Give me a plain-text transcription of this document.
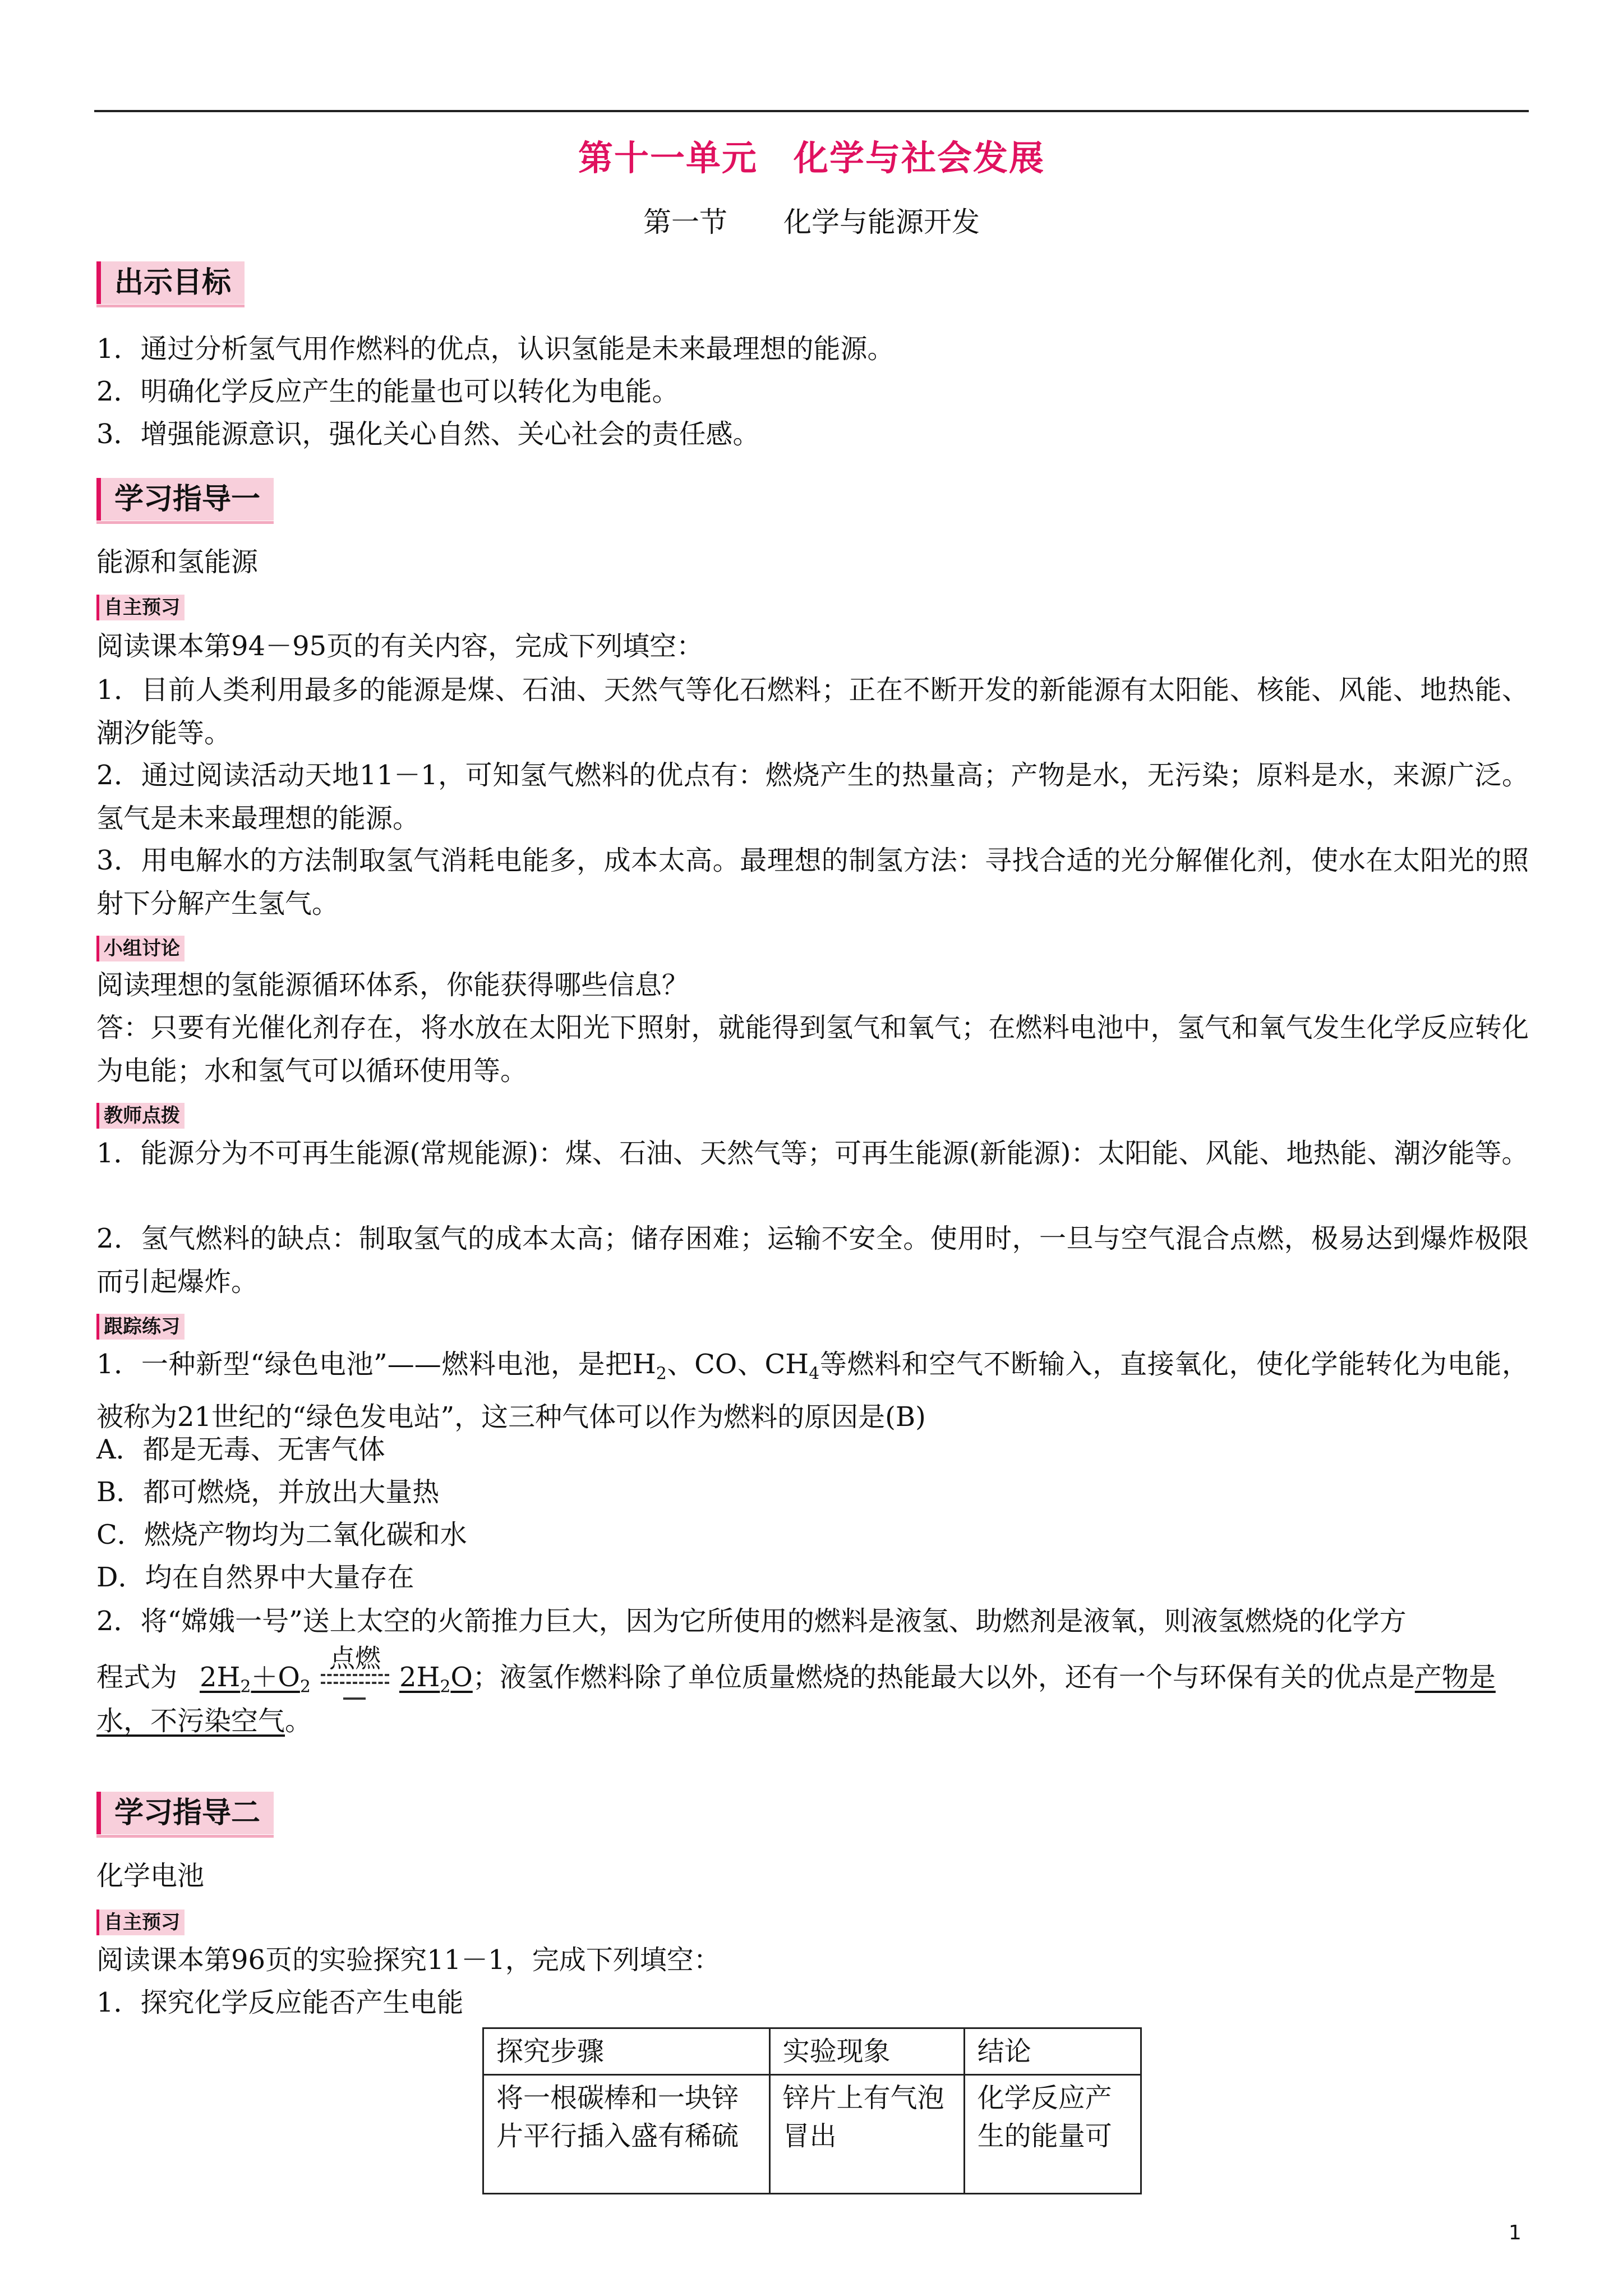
第十一单元　化学与社会发展
第一节　　化学与能源开发
出示目标
1．通过分析氢气用作燃料的优点，认识氢能是未来最理想的能源。
2．明确化学反应产生的能量也可以转化为电能。
3．增强能源意识，强化关心自然、关心社会的责任感。
学习指导一
能源和氢能源
自主预习
阅读课本第94－95页的有关内容，完成下列填空：
1．目前人类利用最多的能源是煤、石油、天然气等化石燃料；正在不断开发的新能源有太阳能、核能、风能、地热能、潮汐能等。
2．通过阅读活动天地11－1，可知氢气燃料的优点有：燃烧产生的热量高；产物是水，无污染；原料是水，来源广泛。氢气是未来最理想的能源。
3．用电解水的方法制取氢气消耗电能多，成本太高。最理想的制氢方法：寻找合适的光分解催化剂，使水在太阳光的照射下分解产生氢气。
小组讨论
阅读理想的氢能源循环体系，你能获得哪些信息？
答：只要有光催化剂存在，将水放在太阳光下照射，就能得到氢气和氧气；在燃料电池中，氢气和氧气发生化学反应转化为电能；水和氢气可以循环使用等。
教师点拨
1．能源分为不可再生能源(常规能源)：煤、石油、天然气等；可再生能源(新能源)：太阳能、风能、地热能、潮汐能等。
2．氢气燃料的缺点：制取氢气的成本太高；储存困难；运输不安全。使用时，一旦与空气混合点燃，极易达到爆炸极限而引起爆炸。
跟踪练习
1．一种新型“绿色电池”——燃料电池，是把$H_2$、CO、$CH_4$等燃料和空气不断输入，直接氧化，使化学能转化为电能，被称为21世纪的“绿色发电站”，这三种气体可以作为燃料的原因是(B)
A．都是无毒、无害气体
B．都可燃烧，并放出大量热
C．燃烧产物均为二氧化碳和水
D．均在自然界中大量存在
2．将“嫦娥一号”送上太空的火箭推力巨大，因为它所使用的燃料是液氢、助燃剂是液氧，则液氢燃烧的化学方
程式为 $2H_2+O_2$
点燃
$2H_2O$；液氢作燃料除了单位质量燃烧的热能最大以外，还有一个与环保有关的优点是产物是
水，不污染空气。
学习指导二
化学电池
自主预习
阅读课本第96页的实验探究11－1，完成下列填空：
1．探究化学反应能否产生电能
探究步骤	实验现象	结论
将一根碳棒和一块锌片平行插入盛有稀硫	锌片上有气泡冒出	化学反应产生的能量可
1
